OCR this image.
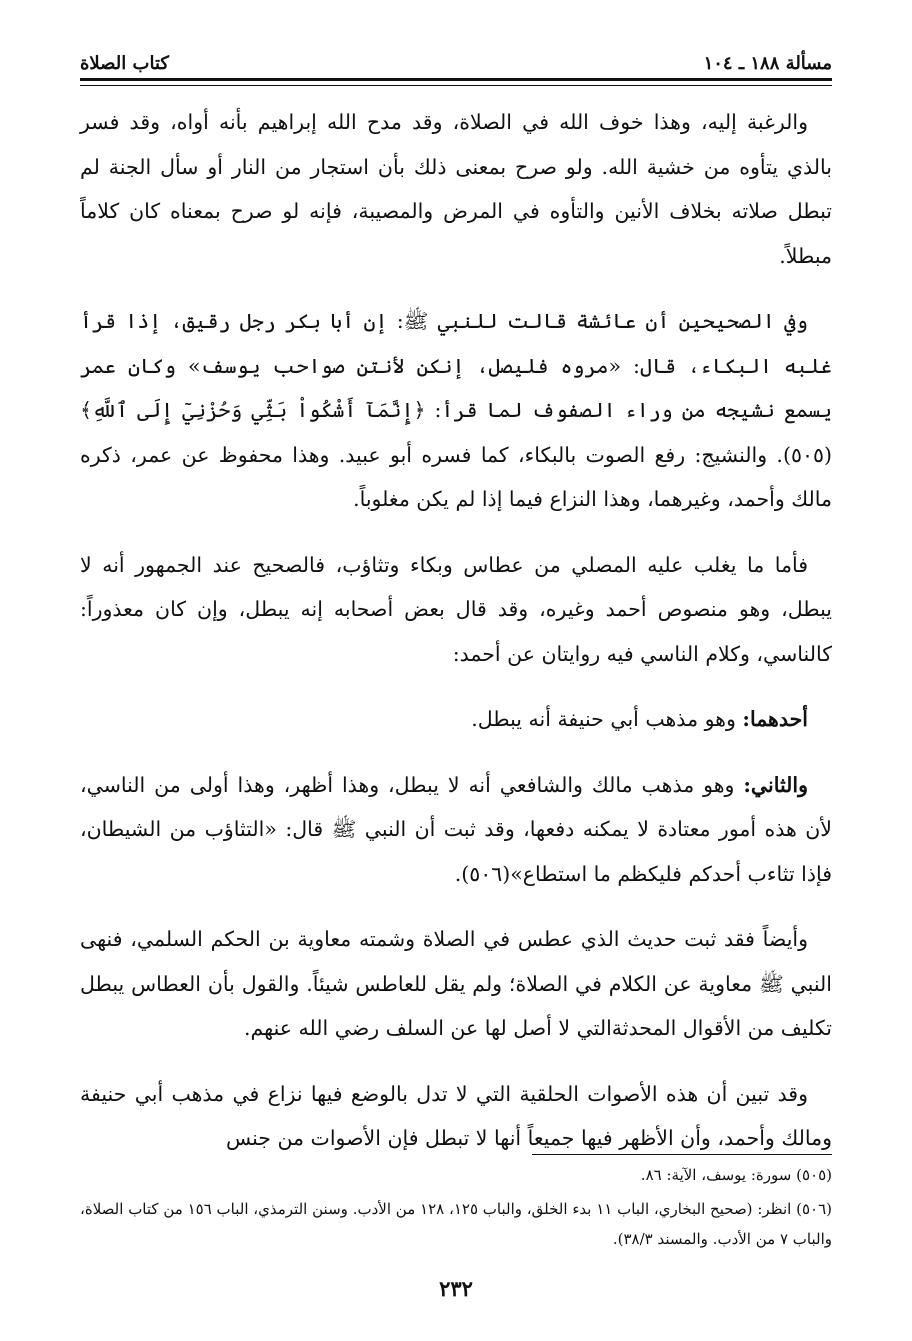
مسألة ١٨٨ ـ ١٠٤
كتاب الصلاة

والرغبة إليه، وهذا خوف الله في الصلاة، وقد مدح الله إبراهيم بأنه أواه، وقد فسر بالذي يتأوه من خشية الله. ولو صرح بمعنى ذلك بأن استجار من النار أو سأل الجنة لم تبطل صلاته بخلاف الأنين والتأوه في المرض والمصيبة، فإنه لو صرح بمعناه كان كلاماً مبطلاً.

وفي الصحيحين أن عائشة قالت للنبي ﷺ: إن أبا بكر رجل رقيق، إذا قرأ غلبه البكاء، قال: «مروه فليصل، إنكن لأنتن صواحب يوسف» وكان عمر يسمع نشيجه من وراء الصفوف لما قرأ: ﴿إِنَّمَآ أَشْكُواْ بَثِّي وَحُزْنِيٓ إِلَى ٱللَّهِ﴾(٥٠٥). والنشيج: رفع الصوت بالبكاء، كما فسره أبو عبيد. وهذا محفوظ عن عمر، ذكره مالك وأحمد، وغيرهما، وهذا النزاع فيما إذا لم يكن مغلوباً.

فأما ما يغلب عليه المصلي من عطاس وبكاء وتثاؤب، فالصحيح عند الجمهور أنه لا يبطل، وهو منصوص أحمد وغيره، وقد قال بعض أصحابه إنه يبطل، وإن كان معذوراً: كالناسي، وكلام الناسي فيه روايتان عن أحمد:

أحدهما: وهو مذهب أبي حنيفة أنه يبطل.

والثاني: وهو مذهب مالك والشافعي أنه لا يبطل، وهذا أظهر، وهذا أولى من الناسي، لأن هذه أمور معتادة لا يمكنه دفعها، وقد ثبت أن النبي ﷺ قال: «التثاؤب من الشيطان، فإذا تثاءب أحدكم فليكظم ما استطاع»(٥٠٦).

وأيضاً فقد ثبت حديث الذي عطس في الصلاة وشمته معاوية بن الحكم السلمي، فنهى النبي ﷺ معاوية عن الكلام في الصلاة؛ ولم يقل للعاطس شيئاً. والقول بأن العطاس يبطل تكليف من الأقوال المحدثةالتي لا أصل لها عن السلف رضي الله عنهم.

وقد تبين أن هذه الأصوات الحلقية التي لا تدل بالوضع فيها نزاع في مذهب أبي حنيفة ومالك وأحمد، وأن الأظهر فيها جميعاً أنها لا تبطل فإن الأصوات من جنس

(٥٠٥) سورة: يوسف، الآية: ٨٦.
(٥٠٦) انظر: (صحيح البخاري، الباب ١١ بدء الخلق، والباب ١٢٥، ١٢٨ من الأدب. وسنن الترمذي، الباب ١٥٦ من كتاب الصلاة، والباب ٧ من الأدب. والمسند ٣٨/٣).
٢٣٢
